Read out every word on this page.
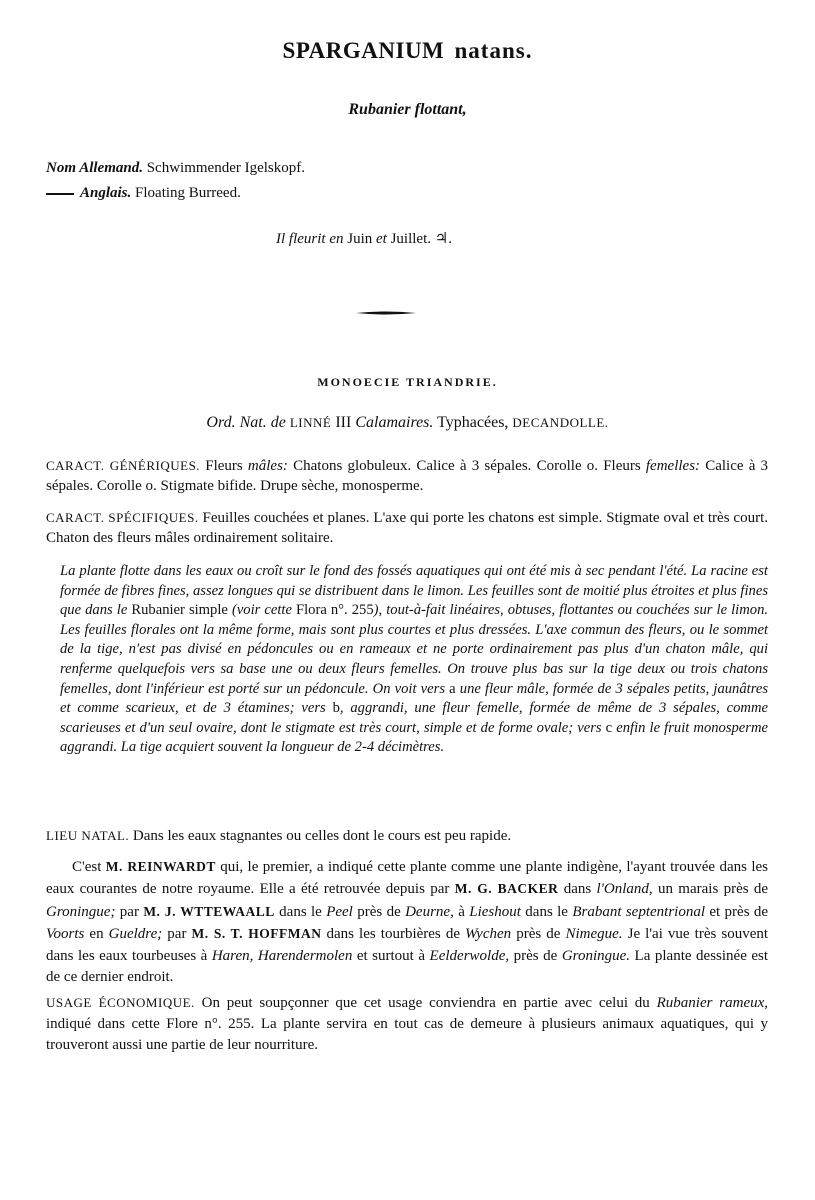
SPARGANIUM natans.
Rubanier flottant,
Nom Allemand. Schwimmender Igelskopf.
Anglais. Floating Burreed.
Il fleurit en Juin et Juillet. ♃.
MONOECIE TRIANDRIE.
Ord. Nat. de LINNÉ III Calamaires. Typhacées, DECANDOLLE.

CARACT. GÉNÉRIQUES. Fleurs mâles: Chatons globuleux. Calice à 3 sépales. Corolle o. Fleurs femelles: Calice à 3 sépales. Corolle o. Stigmate bifide. Drupe sèche, monosperme.

CARACT. SPÉCIFIQUES. Feuilles couchées et planes. L'axe qui porte les chatons est simple. Stigmate oval et très court. Chaton des fleurs mâles ordinairement solitaire.

La plante flotte dans les eaux ou croît sur le fond des fossés aquatiques qui ont été mis à sec pendant l'été. La racine est formée de fibres fines, assez longues qui se distribuent dans le limon. Les feuilles sont de moitié plus étroites et plus fines que dans le Rubanier simple (voir cette Flora n°. 255), tout-à-fait linéaires, obtuses, flottantes ou couchées sur le limon. Les feuilles florales ont la même forme, mais sont plus courtes et plus dressées. L'axe commun des fleurs, ou le sommet de la tige, n'est pas divisé en pédoncules ou en rameaux et ne porte ordinairement pas plus d'un chaton mâle, qui renferme quelquefois vers sa base une ou deux fleurs femelles. On trouve plus bas sur la tige deux ou trois chatons femelles, dont l'inférieur est porté sur un pédoncule. On voit vers a une fleur mâle, formée de 3 sépales petits, jaunâtres et comme scarieux, et de 3 étamines; vers b, aggrandi, une fleur femelle, formée de même de 3 sépales, comme scarieuses et d'un seul ovaire, dont le stigmate est très court, simple et de forme ovale; vers c enfin le fruit monosperme aggrandi. La tige acquiert souvent la longueur de 2-4 décimètres.

LIEU NATAL. Dans les eaux stagnantes ou celles dont le cours est peu rapide.

C'est M. REINWARDT qui, le premier, a indiqué cette plante comme une plante indigène, l'ayant trouvée dans les eaux courantes de notre royaume. Elle a été retrouvée depuis par M. G. BACKER dans l'Onland, un marais près de Groningue; par M. J. WTTEWAALL dans le Peel près de Deurne, à Lieshout dans le Brabant septentrional et près de Voorts en Gueldre; par M. S. T. HOFFMAN dans les tourbières de Wychen près de Nimegue. Je l'ai vue très souvent dans les eaux tourbeuses à Haren, Harendermolen et surtout à Eelderwolde, près de Groningue. La plante dessinée est de ce dernier endroit.

USAGE ÉCONOMIQUE. On peut soupçonner que cet usage conviendra en partie avec celui du Rubanier rameux, indiqué dans cette Flore n°. 255. La plante servira en tout cas de demeure à plusieurs animaux aquatiques, qui y trouveront aussi une partie de leur nourriture.
